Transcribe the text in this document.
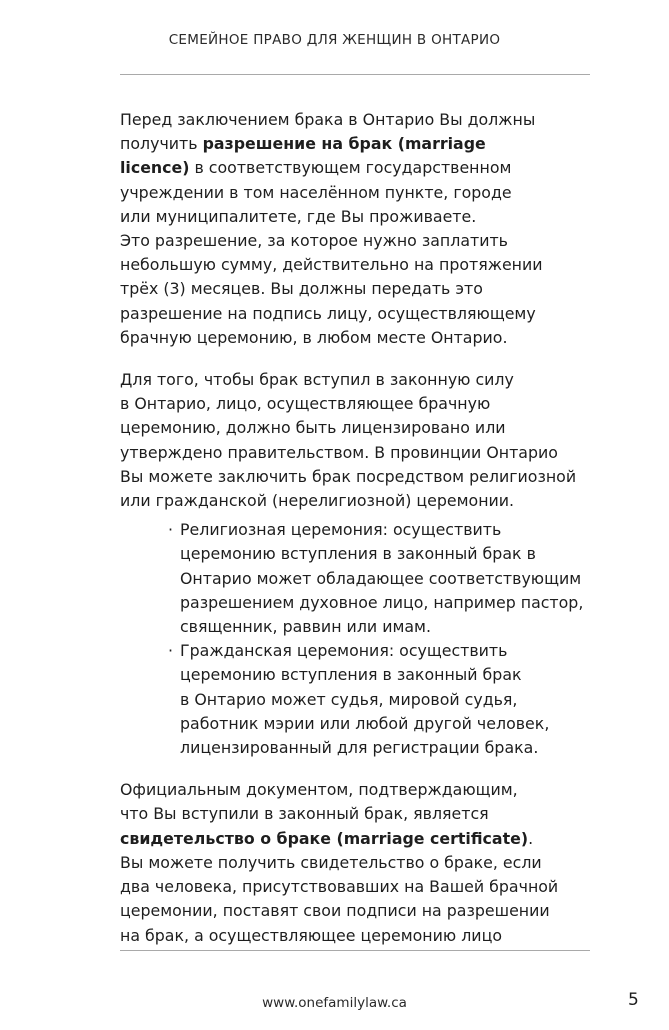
СЕМЕЙНОЕ ПРАВО ДЛЯ ЖЕНЩИН В ОНТАРИО
Перед заключением брака в Онтарио Вы должны
получить разрешение на брак (marriage
licence) в соответствующем государственном
учреждении в том населённом пункте, городе
или муниципалитете, где Вы проживаете.
Это разрешение, за которое нужно заплатить
небольшую сумму, действительно на протяжении
трёх (3) месяцев. Вы должны передать это
разрешение на подпись лицу, осуществляющему
брачную церемонию, в любом месте Онтарио.
Для того, чтобы брак вступил в законную силу
в Онтарио, лицо, осуществляющее брачную
церемонию, должно быть лицензировано или
утверждено правительством. В провинции Онтарио
Вы можете заключить брак посредством религиозной
или гражданской (нерелигиозной) церемонии.
· Религиозная церемония: осуществить
церемонию вступления в законный брак в
Онтарио может обладающее соответствующим
разрешением духовное лицо, например пастор,
священник, раввин или имам.
· Гражданская церемония: осуществить
церемонию вступления в законный брак
в Онтарио может судья, мировой судья,
работник мэрии или любой другой человек,
лицензированный для регистрации брака.
Официальным документом, подтверждающим,
что Вы вступили в законный брак, является
свидетельство о браке (marriage certificate).
Вы можете получить свидетельство о браке, если
два человека, присутствовавших на Вашей брачной
церемонии, поставят свои подписи на разрешении
на брак, а осуществляющее церемонию лицо
www.onefamilylaw.ca	5
